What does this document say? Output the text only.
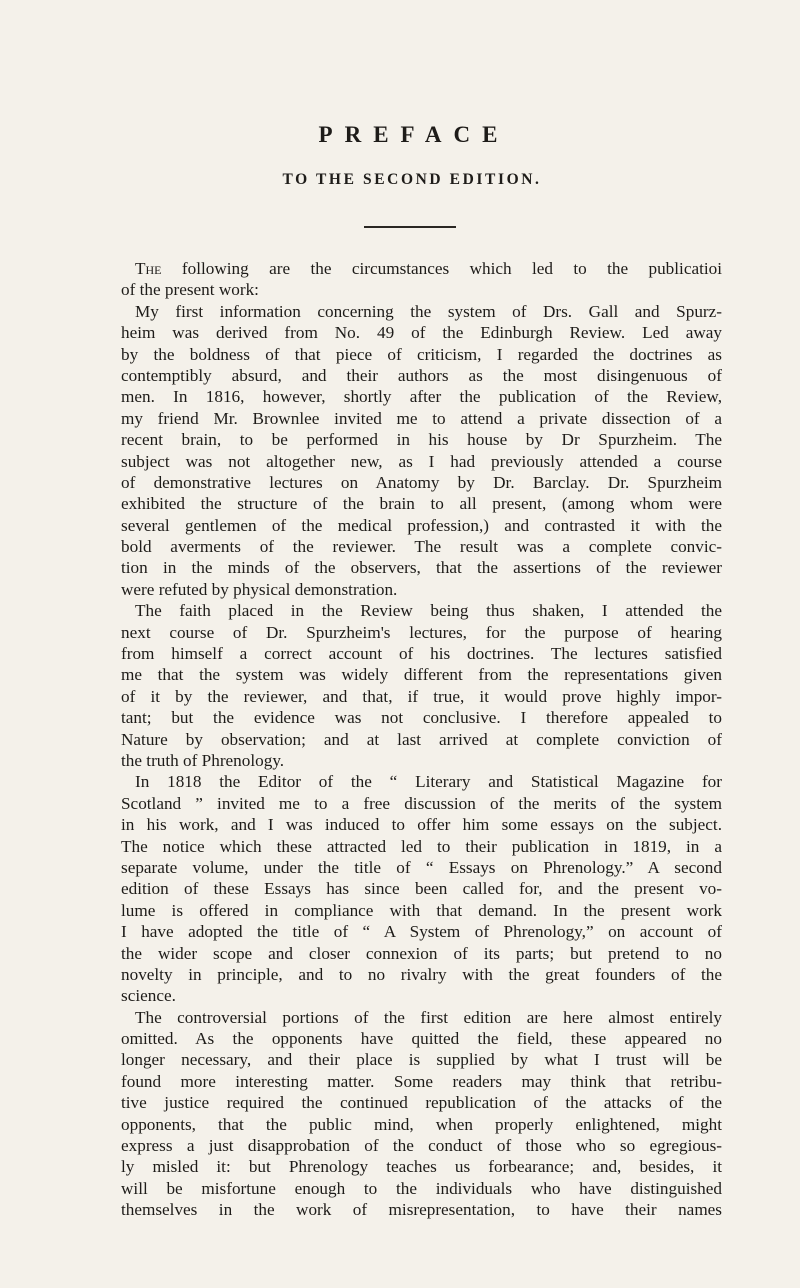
PREFACE
TO THE SECOND EDITION.
The following are the circumstances which led to the publicatioi
of the present work:
My first information concerning the system of Drs. Gall and Spurz-
heim was derived from No. 49 of the Edinburgh Review. Led away
by the boldness of that piece of criticism, I regarded the doctrines as
contemptibly absurd, and their authors as the most disingenuous of
men. In 1816, however, shortly after the publication of the Review,
my friend Mr. Brownlee invited me to attend a private dissection of a
recent brain, to be performed in his house by Dr Spurzheim. The
subject was not altogether new, as I had previously attended a course
of demonstrative lectures on Anatomy by Dr. Barclay. Dr. Spurzheim
exhibited the structure of the brain to all present, (among whom were
several gentlemen of the medical profession,) and contrasted it with the
bold averments of the reviewer. The result was a complete convic-
tion in the minds of the observers, that the assertions of the reviewer
were refuted by physical demonstration.
The faith placed in the Review being thus shaken, I attended the
next course of Dr. Spurzheim's lectures, for the purpose of hearing
from himself a correct account of his doctrines. The lectures satisfied
me that the system was widely different from the representations given
of it by the reviewer, and that, if true, it would prove highly impor-
tant; but the evidence was not conclusive. I therefore appealed to
Nature by observation; and at last arrived at complete conviction of
the truth of Phrenology.
In 1818 the Editor of the “ Literary and Statistical Magazine for
Scotland ” invited me to a free discussion of the merits of the system
in his work, and I was induced to offer him some essays on the subject.
The notice which these attracted led to their publication in 1819, in a
separate volume, under the title of “ Essays on Phrenology.” A second
edition of these Essays has since been called for, and the present vo-
lume is offered in compliance with that demand. In the present work
I have adopted the title of “ A System of Phrenology,” on account of
the wider scope and closer connexion of its parts; but pretend to no
novelty in principle, and to no rivalry with the great founders of the
science.
The controversial portions of the first edition are here almost entirely
omitted. As the opponents have quitted the field, these appeared no
longer necessary, and their place is supplied by what I trust will be
found more interesting matter. Some readers may think that retribu-
tive justice required the continued republication of the attacks of the
opponents, that the public mind, when properly enlightened, might
express a just disapprobation of the conduct of those who so egregious-
ly misled it: but Phrenology teaches us forbearance; and, besides, it
will be misfortune enough to the individuals who have distinguished
themselves in the work of misrepresentation, to have their names
